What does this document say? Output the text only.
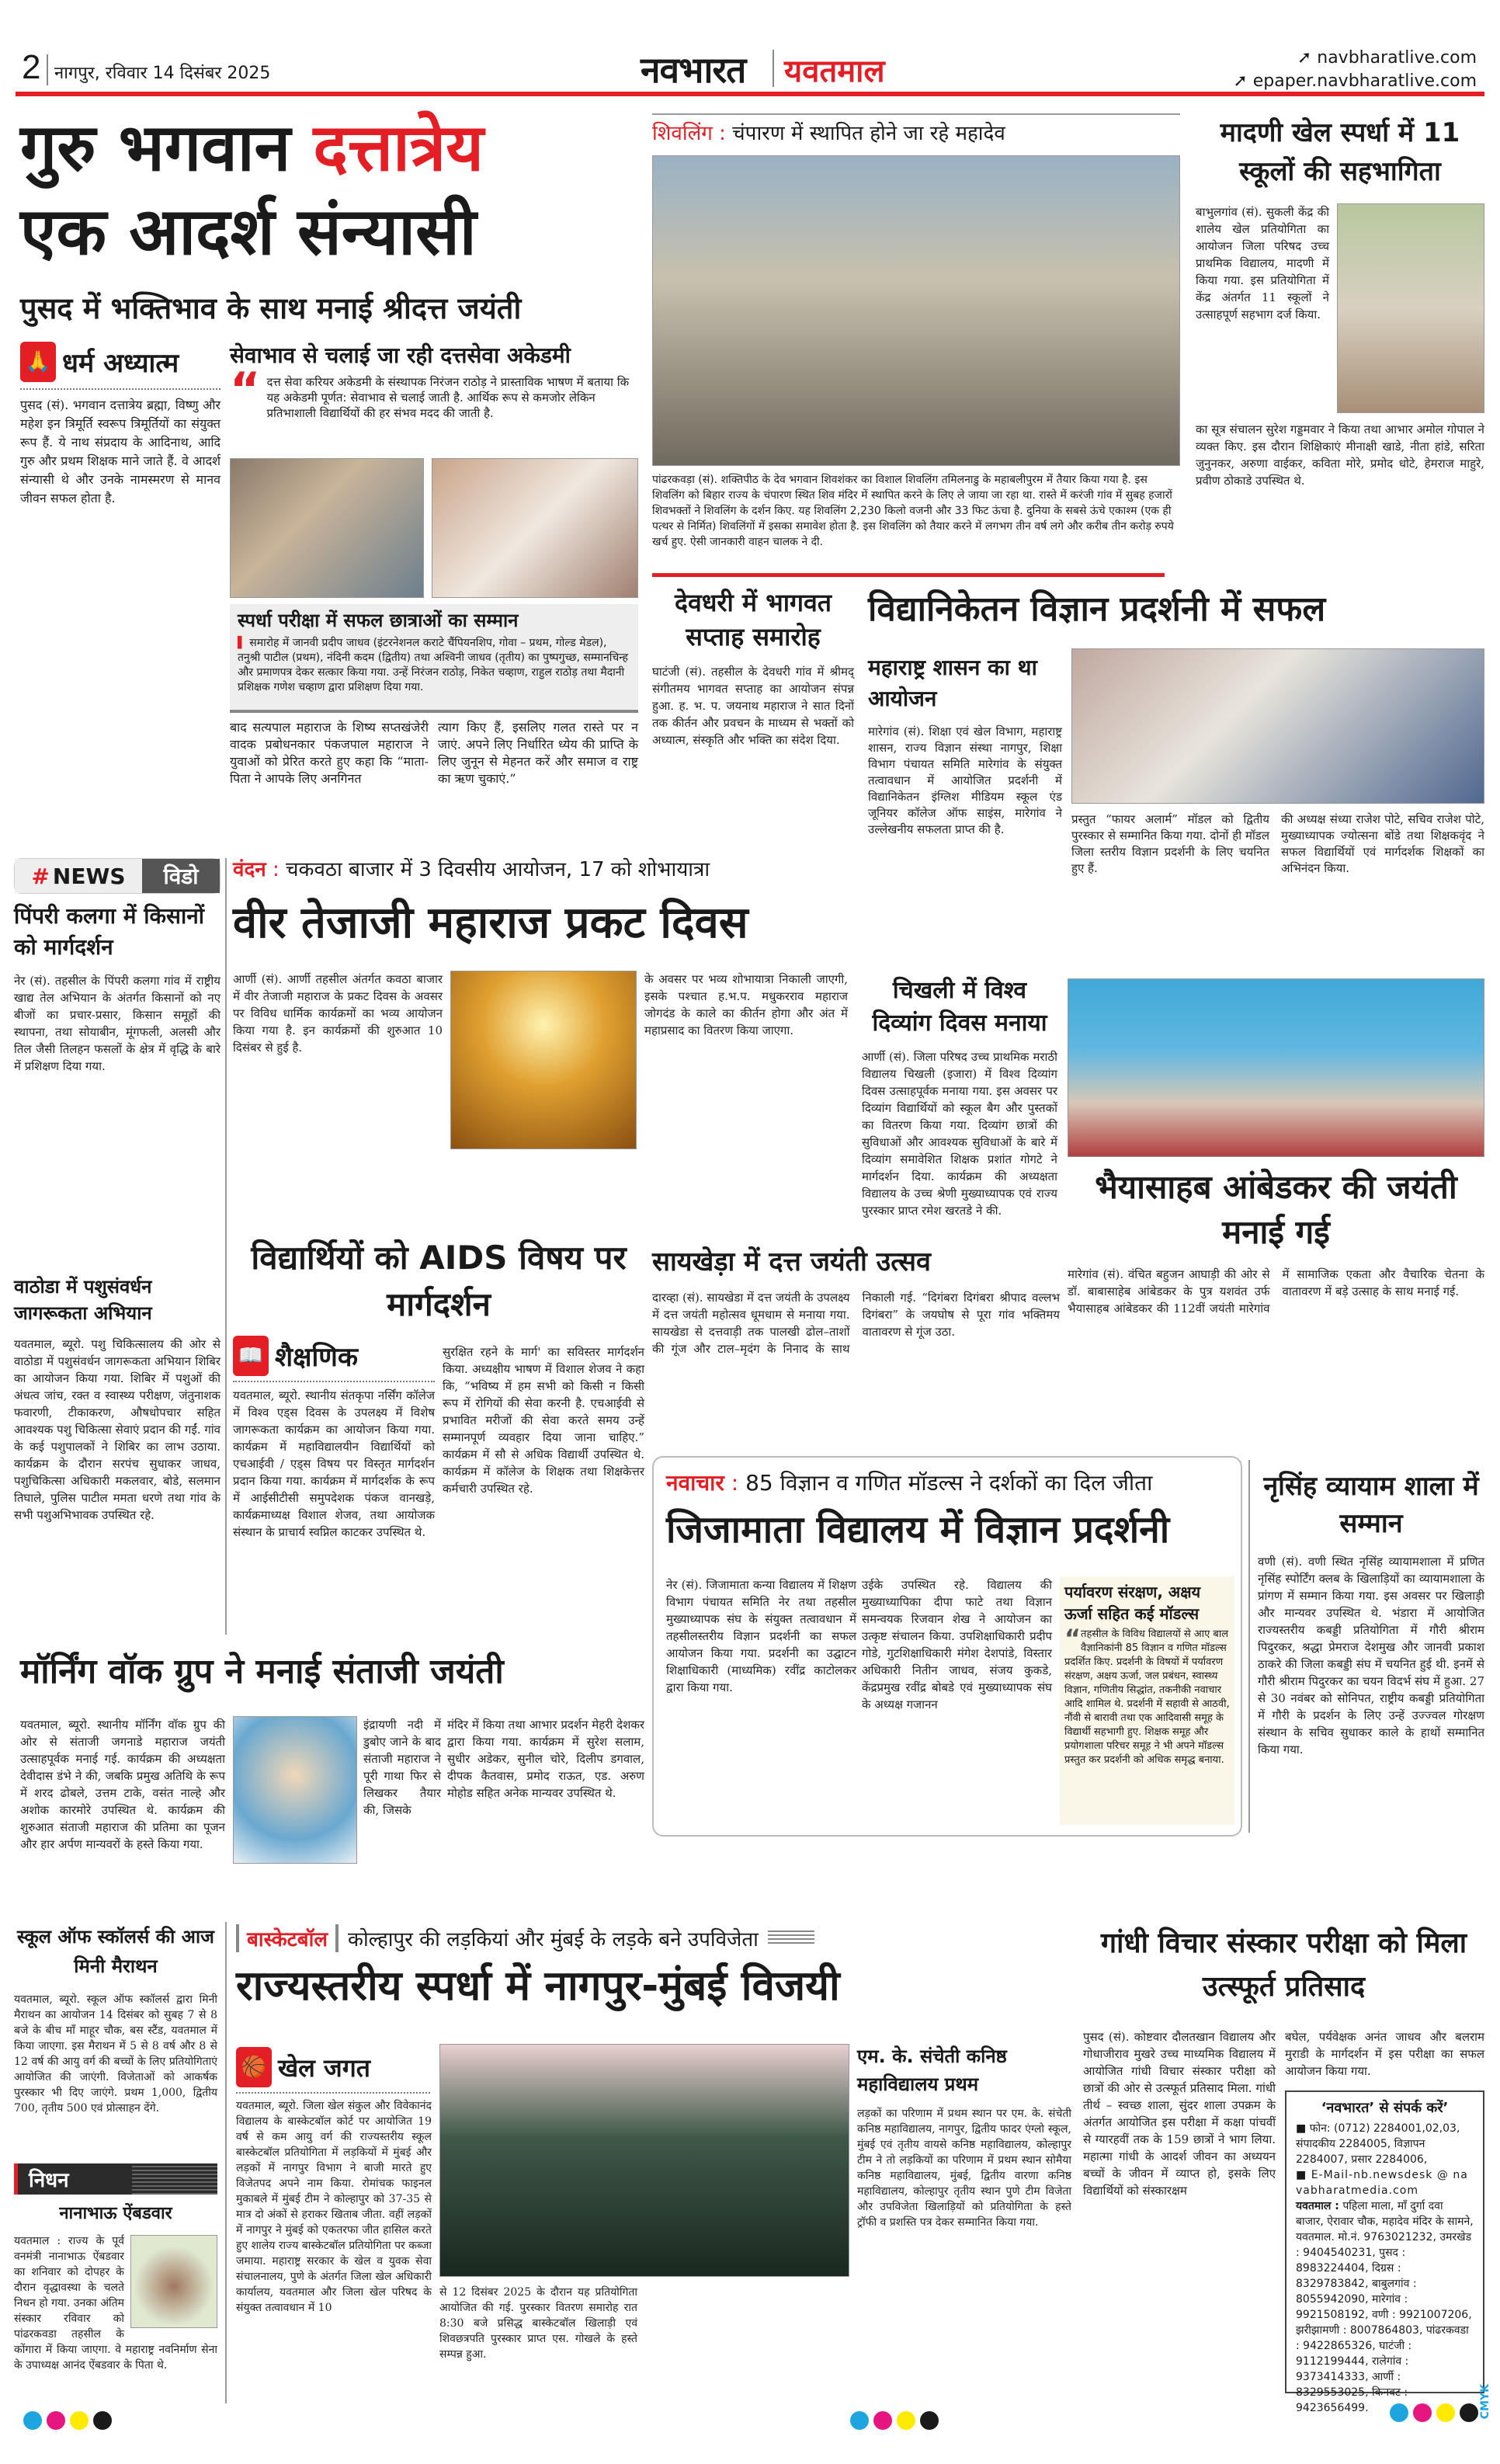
2 नागपुर, रविवार 14 दिसंबर 2025	नवभारत यवतमाल	➚ navbharatlive.com
➚ epaper.navbharatlive.com
गुरु भगवान दत्तात्रेय
एक आदर्श संन्यासी
पुसद में भक्तिभाव के साथ मनाई श्रीदत्त जयंती
🙏 धर्म अध्यात्म
पुसद (सं). भगवान दत्तात्रेय ब्रह्मा, विष्णु और महेश इन त्रिमूर्ति स्वरूप त्रिमूर्तियों का संयुक्त रूप हैं. ये नाथ संप्रदाय के आदिनाथ, आदि गुरु और प्रथम शिक्षक माने जाते हैं. वे आदर्श संन्यासी थे और उनके नामस्मरण से मानव जीवन सफल होता है.
सेवाभाव से चलाई जा रही दत्तसेवा अकेडमी
“ दत्त सेवा करियर अकेडमी के संस्थापक निरंजन राठोड़ ने प्रास्ताविक भाषण में बताया कि यह अकेडमी पूर्णत: सेवाभाव से चलाई जाती है. आर्थिक रूप से कमजोर लेकिन प्रतिभाशाली विद्यार्थियों की हर संभव मदद की जाती है.
स्पर्धा परीक्षा में सफल छात्राओं का सम्मान
▌ समारोह में जानवी प्रदीप जाधव (इंटरनेशनल कराटे चैंपियनशिप, गोवा – प्रथम, गोल्ड मेडल), तनुश्री पाटील (प्रथम), नंदिनी कदम (द्वितीय) तथा अश्विनी जाधव (तृतीय) का पुष्पगुच्छ, सम्मानचिन्ह और प्रमाणपत्र देकर सत्कार किया गया. उन्हें निरंजन राठोड़, निकेत चव्हाण, राहुल राठोड़ तथा मैदानी प्रशिक्षक गणेश चव्हाण द्वारा प्रशिक्षण दिया गया.
बाद सत्यपाल महाराज के शिष्य सप्तखंजेरी वादक प्रबोधनकार पंकजपाल महाराज ने युवाओं को प्रेरित करते हुए कहा कि “माता-पिता ने आपके लिए अनगिनत
त्याग किए हैं, इसलिए गलत रास्ते पर न जाएं. अपने लिए निर्धारित ध्येय की प्राप्ति के लिए जुनून से मेहनत करें और समाज व राष्ट्र का ऋण चुकाएं.”
शिवलिंग : चंपारण में स्थापित होने जा रहे महादेव
पांढरकवड़ा (सं). शक्तिपीठ के देव भगवान शिवशंकर का विशाल शिवलिंग तमिलनाडु के महाबलीपुरम में तैयार किया गया है. इस शिवलिंग को बिहार राज्य के चंपारण स्थित शिव मंदिर में स्थापित करने के लिए ले जाया जा रहा था. रास्ते में करंजी गांव में सुबह हजारों शिवभक्तों ने शिवलिंग के दर्शन किए. यह शिवलिंग 2,230 किलो वजनी और 33 फिट ऊंचा है. दुनिया के सबसे ऊंचे एकाश्म (एक ही पत्थर से निर्मित) शिवलिंगों में इसका समावेश होता है. इस शिवलिंग को तैयार करने में लगभग तीन वर्ष लगे और करीब तीन करोड़ रुपये खर्च हुए. ऐसी जानकारी वाहन चालक ने दी.
मादणी खेल स्पर्धा में 11 स्कूलों की सहभागिता
बाभुलगांव (सं). सुकली केंद्र की शालेय खेल प्रतियोगिता का आयोजन जिला परिषद उच्च प्राथमिक विद्यालय, मादणी में किया गया. इस प्रतियोगिता में केंद्र अंतर्गत 11 स्कूलों ने उत्साहपूर्ण सहभाग दर्ज किया.
का सूत्र संचालन सुरेश गड्डमवार ने किया तथा आभार अमोल गोपाल ने व्यक्त किए. इस दौरान शिक्षिकाएं मीनाक्षी खाडे, नीता हांडे, सरिता जुनुनकर, अरुणा वाईकर, कविता मोरे, प्रमोद धोटे, हेमराज माहुरे, प्रवीण ठोकाडे उपस्थित थे.
देवधरी में भागवत सप्ताह समारोह
घाटंजी (सं). तहसील के देवधरी गांव में श्रीमद् संगीतमय भागवत सप्ताह का आयोजन संपन्न हुआ. ह. भ. प. जयनाथ महाराज ने सात दिनों तक कीर्तन और प्रवचन के माध्यम से भक्तों को अध्यात्म, संस्कृति और भक्ति का संदेश दिया.
विद्यानिकेतन विज्ञान प्रदर्शनी में सफल
महाराष्ट्र शासन का था आयोजन
मारेगांव (सं). शिक्षा एवं खेल विभाग, महाराष्ट्र शासन, राज्य विज्ञान संस्था नागपुर, शिक्षा विभाग पंचायत समिति मारेगांव के संयुक्त तत्वावधान में आयोजित प्रदर्शनी में विद्यानिकेतन इंग्लिश मीडियम स्कूल एंड जूनियर कॉलेज ऑफ साइंस, मारेगांव ने उल्लेखनीय सफलता प्राप्त की है.
प्रस्तुत “फायर अलार्म” मॉडल को द्वितीय पुरस्कार से सम्मानित किया गया. दोनों ही मॉडल जिला स्तरीय विज्ञान प्रदर्शनी के लिए चयनित हुए हैं.
की अध्यक्ष संध्या राजेश पोटे, सचिव राजेश पोटे, मुख्याध्यापक ज्योत्सना बोंडे तथा शिक्षकवृंद ने सफल विद्यार्थियों एवं मार्गदर्शक शिक्षकों का अभिनंदन किया.
# NEWS	विडो
पिंपरी कलगा में किसानों को मार्गदर्शन
नेर (सं). तहसील के पिंपरी कलगा गांव में राष्ट्रीय खाद्य तेल अभियान के अंतर्गत किसानों को नए बीजों का प्रचार-प्रसार, किसान समूहों की स्थापना, तथा सोयाबीन, मूंगफली, अलसी और तिल जैसी तिलहन फसलों के क्षेत्र में वृद्धि के बारे में प्रशिक्षण दिया गया.
वाठोडा में पशुसंवर्धन जागरूकता अभियान
यवतमाल, ब्यूरो. पशु चिकित्सालय की ओर से वाठोडा में पशुसंवर्धन जागरूकता अभियान शिबिर का आयोजन किया गया. शिबिर में पशुओं की अंधत्व जांच, रक्त व स्वास्थ्य परीक्षण, जंतुनाशक फवारणी, टीकाकरण, औषधोपचार सहित आवश्यक पशु चिकित्सा सेवाएं प्रदान की गईं. गांव के कई पशुपालकों ने शिबिर का लाभ उठाया. कार्यक्रम के दौरान सरपंच सुधाकर जाधव, पशुचिकित्सा अधिकारी मकलवार, बोडे, सलमान तिघाले, पुलिस पाटील ममता धरणे तथा गांव के सभी पशुअभिभावक उपस्थित रहे.
वंदन : चकवठा बाजार में 3 दिवसीय आयोजन, 17 को शोभायात्रा
वीर तेजाजी महाराज प्रकट दिवस
आर्णी (सं). आर्णी तहसील अंतर्गत कवठा बाजार में वीर तेजाजी महाराज के प्रकट दिवस के अवसर पर विविध धार्मिक कार्यक्रमों का भव्य आयोजन किया गया है. इन कार्यक्रमों की शुरुआत 10 दिसंबर से हुई है.
के अवसर पर भव्य शोभायात्रा निकाली जाएगी, इसके पश्चात ह.भ.प. मधुकरराव महाराज जोगदंड के काले का कीर्तन होगा और अंत में महाप्रसाद का वितरण किया जाएगा.
चिखली में विश्व दिव्यांग दिवस मनाया
आर्णी (सं). जिला परिषद उच्च प्राथमिक मराठी विद्यालय चिखली (इजारा) में विश्व दिव्यांग दिवस उत्साहपूर्वक मनाया गया. इस अवसर पर दिव्यांग विद्यार्थियों को स्कूल बैग और पुस्तकों का वितरण किया गया. दिव्यांग छात्रों की सुविधाओं और आवश्यक सुविधाओं के बारे में दिव्यांग समावेशित शिक्षक प्रशांत गोगटे ने मार्गदर्शन दिया. कार्यक्रम की अध्यक्षता विद्यालय के उच्च श्रेणी मुख्याध्यापक एवं राज्य पुरस्कार प्राप्त रमेश खरतडे ने की.
भैयासाहब आंबेडकर की जयंती मनाई गई
मारेगांव (सं). वंचित बहुजन आघाड़ी की ओर से डॉ. बाबासाहेब आंबेडकर के पुत्र यशवंत उर्फ भैयासाहब आंबेडकर की 112वीं जयंती मारेगांव में सामाजिक एकता और वैचारिक चेतना के वातावरण में बड़े उत्साह के साथ मनाई गई.
विद्यार्थियों को AIDS विषय पर मार्गदर्शन
📖 शैक्षणिक
यवतमाल, ब्यूरो. स्थानीय संतकृपा नर्सिंग कॉलेज में विश्व एड्स दिवस के उपलक्ष्य में विशेष जागरूकता कार्यक्रम का आयोजन किया गया. कार्यक्रम में महाविद्यालयीन विद्यार्थियों को एचआईवी / एड्स विषय पर विस्तृत मार्गदर्शन प्रदान किया गया. कार्यक्रम में मार्गदर्शक के रूप में आईसीटीसी समुपदेशक पंकज वानखड़े, कार्यक्रमाध्यक्ष विशाल शेजव, तथा आयोजक संस्थान के प्राचार्य स्वप्निल काटकर उपस्थित थे.
सुरक्षित रहने के मार्ग' का सविस्तर मार्गदर्शन किया. अध्यक्षीय भाषण में विशाल शेजव ने कहा कि, “भविष्य में हम सभी को किसी न किसी रूप में रोगियों की सेवा करनी है. एचआईवी से प्रभावित मरीजों की सेवा करते समय उन्हें सम्मानपूर्ण व्यवहार दिया जाना चाहिए.” कार्यक्रम में सौ से अधिक विद्यार्थी उपस्थित थे. कार्यक्रम में कॉलेज के शिक्षक तथा शिक्षकेत्तर कर्मचारी उपस्थित रहे.
सायखेड़ा में दत्त जयंती उत्सव
दारव्हा (सं). सायखेडा में दत्त जयंती के उपलक्ष्य में दत्त जयंती महोत्सव धूमधाम से मनाया गया. सायखेडा से दत्तवाड़ी तक पालखी ढोल–ताशों की गूंज और टाल–मृदंग के निनाद के साथ निकाली गई. “दिगंबरा दिगंबरा श्रीपाद वल्लभ दिगंबरा” के जयघोष से पूरा गांव भक्तिमय वातावरण से गूंज उठा.
नवाचार : 85 विज्ञान व गणित मॉडल्स ने दर्शकों का दिल जीता
जिजामाता विद्यालय में विज्ञान प्रदर्शनी
नेर (सं). जिजामाता कन्या विद्यालय में शिक्षण विभाग पंचायत समिति नेर तथा तहसील मुख्याध्यापक संघ के संयुक्त तत्वावधान में तहसीलस्तरीय विज्ञान प्रदर्शनी का सफल आयोजन किया गया. प्रदर्शनी का उद्घाटन शिक्षाधिकारी (माध्यमिक) रवींद्र काटोलकर द्वारा किया गया.
उईके उपस्थित रहे. विद्यालय की मुख्याध्यापिका दीपा फाटे तथा विज्ञान समन्वयक रिजवान शेख ने आयोजन का उत्कृष्ट संचालन किया. उपशिक्षाधिकारी प्रदीप गोडे, गुटशिक्षाधिकारी मंगेश देशपांडे, विस्तार अधिकारी नितीन जाधव, संजय कुकडे, केंद्रप्रमुख रवींद्र बोबडे एवं मुख्याध्यापक संघ के अध्यक्ष गजानन
पर्यावरण संरक्षण, अक्षय ऊर्जा सहित कई मॉडल्स
“ तहसील के विविध विद्यालयों से आए बाल वैज्ञानिकांनी 85 विज्ञान व गणित मॉडल्स प्रदर्शित किए. प्रदर्शनी के विषयों में पर्यावरण संरक्षण, अक्षय ऊर्जा, जल प्रबंधन, स्वास्थ्य विज्ञान, गणितीय सिद्धांत, तकनीकी नवाचार आदि शामिल थे. प्रदर्शनी में सहावी से आठवी, नौंवी से बारावी तथा एक आदिवासी समूह के विद्यार्थी सहभागी हुए. शिक्षक समूह और प्रयोगशाला परिचर समूह ने भी अपने मॉडल्स प्रस्तुत कर प्रदर्शनी को अधिक समृद्ध बनाया.
नृसिंह व्यायाम शाला में सम्मान
वणी (सं). वणी स्थित नृसिंह व्यायामशाला में प्रणित नृसिंह स्पोर्टिंग क्लब के खिलाड़ियों का व्यायामशाला के प्रांगण में सम्मान किया गया. इस अवसर पर खिलाड़ी और मान्यवर उपस्थित थे. भंडारा में आयोजित राज्यस्तरीय कबड्डी प्रतियोगिता में गौरी श्रीराम पिदुरकर, श्रद्धा प्रेमराज देशमुख और जानवी प्रकाश ठाकरे की जिला कबड्डी संघ में चयनित हुई थी. इनमें से गौरी श्रीराम पिदुरकर का चयन विदर्भ संघ में हुआ. 27 से 30 नवंबर को सोनिपत, राष्ट्रीय कबड्डी प्रतियोगिता में गौरी के प्रदर्शन के लिए उन्हें उज्ज्वल गोरक्षण संस्थान के सचिव सुधाकर काले के हाथों सम्मानित किया गया.
मॉर्निंग वॉक ग्रुप ने मनाई संताजी जयंती
यवतमाल, ब्यूरो. स्थानीय मॉर्निंग वॉक ग्रुप की ओर से संताजी जगनाडे महाराज जयंती उत्साहपूर्वक मनाई गई. कार्यक्रम की अध्यक्षता देवीदास डंभे ने की, जबकि प्रमुख अतिथि के रूप में शरद ढोबले, उत्तम टाके, वसंत नाल्हे और अशोक कारमोरे उपस्थित थे. कार्यक्रम की शुरुआत संताजी महाराज की प्रतिमा का पूजन और हार अर्पण मान्यवरों के हस्ते किया गया.
इंद्रायणी नदी में डुबोए जाने के बाद संताजी महाराज ने पूरी गाथा फिर से लिखकर तैयार की, जिसके
मंदिर में किया तथा आभार प्रदर्शन मेहरी देशकर द्वारा किया गया. कार्यक्रम में सुरेश सलाम, सुधीर अडेकर, सुनील चोरे, दिलीप डगवाल, दीपक कैतवास, प्रमोद राऊत, एड. अरुण मोहोड सहित अनेक मान्यवर उपस्थित थे.
स्कूल ऑफ स्कॉलर्स की आज मिनी मैराथन
यवतमाल, ब्यूरो. स्कूल ऑफ स्कॉलर्स द्वारा मिनी मैराथन का आयोजन 14 दिसंबर को सुबह 7 से 8 बजे के बीच माँ माहूर चौक, बस स्टैंड, यवतमाल में किया जाएगा. इस मैराथन में 5 से 8 वर्ष और 8 से 12 वर्ष की आयु वर्ग की बच्चों के लिए प्रतियोगिताएं आयोजित की जाएंगी. विजेताओं को आकर्षक पुरस्कार भी दिए जाएंगे. प्रथम 1,000, द्वितीय 700, तृतीय 500 एवं प्रोत्साहन देंगे.
निधन
नानाभाऊ ऐंबडवार
यवतमाल : राज्य के पूर्व वनमंत्री नानाभाऊ ऐंबडवार का शनिवार को दोपहर के दौरान वृद्धावस्था के चलते निधन हो गया. उनका अंतिम संस्कार रविवार को पांढरकवडा तहसील के कोंगारा में किया जाएगा. वे महाराष्ट्र नवनिर्माण सेना के उपाध्यक्ष आनंद ऐंबडवार के पिता थे.
बास्केटबॉल	कोल्हापुर की लड़कियां और मुंबई के लड़के बने उपविजेता
राज्यस्तरीय स्पर्धा में नागपुर-मुंबई विजयी
🏀 खेल जगत
यवतमाल, ब्यूरो. जिला खेल संकुल और विवेकानंद विद्यालय के बास्केटबॉल कोर्ट पर आयोजित 19 वर्ष से कम आयु वर्ग की राज्यस्तरीय स्कूल बास्केटबॉल प्रतियोगिता में लड़कियों में मुंबई और लड़कों में नागपुर विभाग ने बाजी मारते हुए विजेतपद अपने नाम किया. रोमांचक फाइनल मुकाबले में मुंबई टीम ने कोल्हापुर को 37-35 से मात्र दो अंकों से हराकर खिताब जीता. वहीं लड़कों में नागपुर ने मुंबई को एकतरफा जीत हासिल करते हुए शालेय राज्य बास्केटबॉल प्रतियोगिता पर कब्जा जमाया. महाराष्ट्र सरकार के खेल व युवक सेवा संचालनालय, पुणे के अंतर्गत जिला खेल अधिकारी कार्यालय, यवतमाल और जिला खेल परिषद के संयुक्त तत्वावधान में 10
से 12 दिसंबर 2025 के दौरान यह प्रतियोगिता आयोजित की गई. पुरस्कार वितरण समारोह रात 8:30 बजे प्रसिद्ध बास्केटबॉल खिलाड़ी एवं शिवछत्रपति पुरस्कार प्राप्त एस. गोखले के हस्ते सम्पन्न हुआ.
एम. के. संचेती कनिष्ठ महाविद्यालय प्रथम
लड़कों का परिणाम में प्रथम स्थान पर एम. के. संचेती कनिष्ठ महाविद्यालय, नागपुर, द्वितीय फादर एंग्लो स्कूल, मुंबई एवं तृतीय वायसे कनिष्ठ महाविद्यालय, कोल्हापुर टीम ने तो लड़कियों का परिणाम में प्रथम स्थान सोमैया कनिष्ठ महाविद्यालय, मुंबई, द्वितीय वारणा कनिष्ठ महाविद्यालय, कोल्हापुर तृतीय स्थान पुणे टीम विजेता और उपविजेता खिलाड़ियों को प्रतियोगिता के हस्ते ट्रॉफी व प्रशस्ति पत्र देकर सम्मानित किया गया.
गांधी विचार संस्कार परीक्षा को मिला उत्स्फूर्त प्रतिसाद
पुसद (सं). कोष्टवार दौलतखान विद्यालय और गोधाजीराव मुखरे उच्च माध्यमिक विद्यालय में आयोजित गांधी विचार संस्कार परीक्षा को छात्रों की ओर से उत्स्फूर्त प्रतिसाद मिला. गांधी तीर्थ – स्वच्छ शाला, सुंदर शाला उपक्रम के अंतर्गत आयोजित इस परीक्षा में कक्षा पांचवीं से ग्यारहवीं तक के 159 छात्रों ने भाग लिया. महात्मा गांधी के आदर्श जीवन का अध्ययन बच्चों के जीवन में व्याप्त हो, इसके लिए विद्यार्थियों को संस्कारक्षम
बघेल, पर्यवेक्षक अनंत जाधव और बलराम मुराडी के मार्गदर्शन में इस परीक्षा का सफल आयोजन किया गया.
‘नवभारत’ से संपर्क करें’
■ फोन: (0712) 2284001,02,03, संपादकीय 2284005, विज्ञापन 2284007, प्रसार 2284006,
■ E-Mail-nb.newsdesk @ navabharatmedia.com
यवतमाल : पहिला माला, माँ दुर्गा दवा बाजार, ऐरावार चौक, महादेव मंदिर के सामने, यवतमाल. मो.नं. 9763021232, उमरखेड : 9404540231, पुसद : 8983224404, दिग्रस : 8329783842, बाबुलगांव : 8055942090, मारेगांव : 9921508192, वणी : 9921007206, झरीझामणी : 8007864803, पांढरकवडा : 9422865326, घाटंजी : 9112199444, रालेगांव : 9373414333, आर्णी : 8329553025, किनवट : 9423656499.	CMYK
